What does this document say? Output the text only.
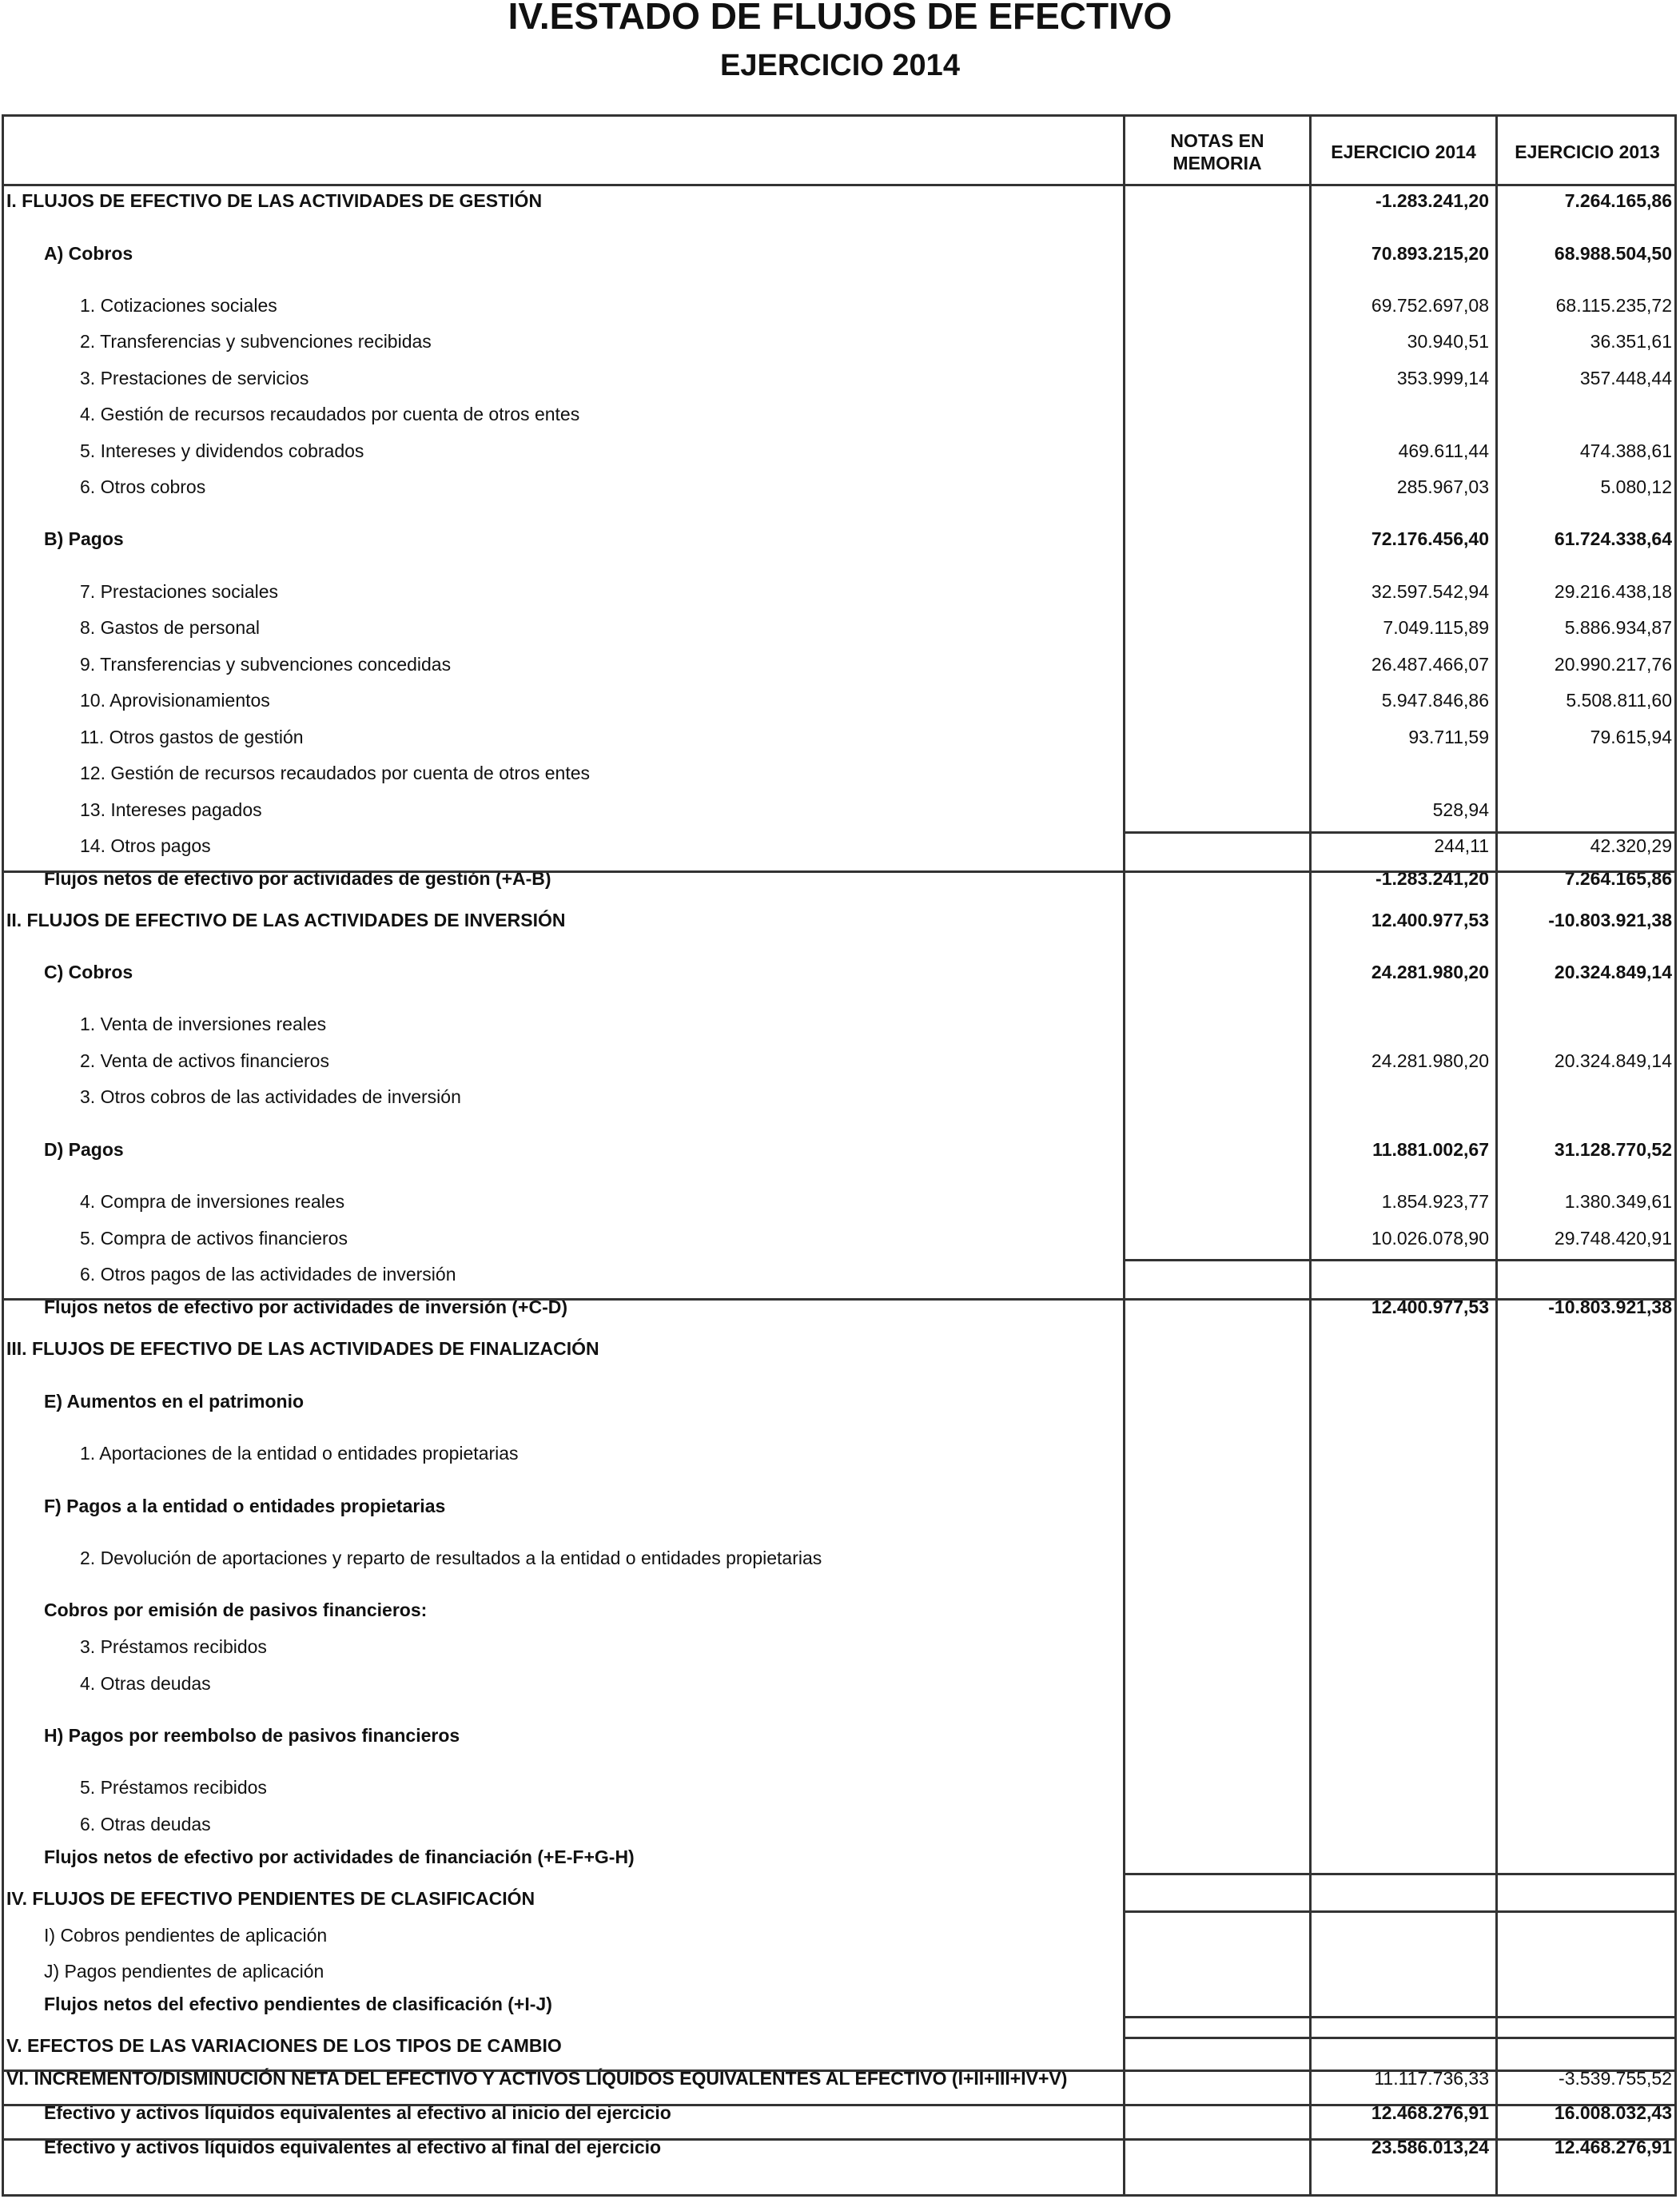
IV.ESTADO DE FLUJOS DE EFECTIVO
EJERCICIO 2014
NOTAS EN MEMORIA
EJERCICIO 2014	EJERCICIO 2013
I. FLUJOS DE EFECTIVO DE LAS ACTIVIDADES DE GESTIÓN	-1.283.241,20	7.264.165,86
A) Cobros	70.893.215,20	68.988.504,50
1. Cotizaciones sociales	69.752.697,08	68.115.235,72
2. Transferencias y subvenciones recibidas	30.940,51	36.351,61
3. Prestaciones de servicios	353.999,14	357.448,44
4. Gestión de recursos recaudados por cuenta de otros entes
5. Intereses y dividendos cobrados	469.611,44	474.388,61
6. Otros cobros	285.967,03	5.080,12
B) Pagos	72.176.456,40	61.724.338,64
7. Prestaciones sociales	32.597.542,94	29.216.438,18
8. Gastos de personal	7.049.115,89	5.886.934,87
9. Transferencias y subvenciones concedidas	26.487.466,07	20.990.217,76
10. Aprovisionamientos	5.947.846,86	5.508.811,60
11. Otros gastos de gestión	93.711,59	79.615,94
12. Gestión de recursos recaudados por cuenta de otros entes
13. Intereses pagados	528,94
14. Otros pagos	244,11	42.320,29
Flujos netos de efectivo por actividades de gestión (+A-B)	-1.283.241,20	7.264.165,86
II. FLUJOS DE EFECTIVO DE LAS ACTIVIDADES DE INVERSIÓN	12.400.977,53	-10.803.921,38
C) Cobros	24.281.980,20	20.324.849,14
1. Venta de inversiones reales
2. Venta de activos financieros	24.281.980,20	20.324.849,14
3. Otros cobros de las actividades de inversión
D) Pagos	11.881.002,67	31.128.770,52
4. Compra de inversiones reales	1.854.923,77	1.380.349,61
5. Compra de activos financieros	10.026.078,90	29.748.420,91
6. Otros pagos de las actividades de inversión
Flujos netos de efectivo por actividades de inversión (+C-D)	12.400.977,53	-10.803.921,38
III. FLUJOS DE EFECTIVO DE LAS ACTIVIDADES DE FINALIZACIÓN
E) Aumentos en el patrimonio
1. Aportaciones de la entidad o entidades propietarias
F) Pagos a la entidad o entidades propietarias
2. Devolución de aportaciones y reparto de resultados a la entidad o entidades propietarias
Cobros por emisión de pasivos financieros:
3. Préstamos recibidos
4. Otras deudas
H) Pagos por reembolso de pasivos financieros
5. Préstamos recibidos
6. Otras deudas
Flujos netos de efectivo por actividades de financiación (+E-F+G-H)
IV. FLUJOS DE EFECTIVO PENDIENTES DE CLASIFICACIÓN
I) Cobros pendientes de aplicación
J) Pagos pendientes de aplicación
Flujos netos del efectivo pendientes de clasificación (+I-J)
V. EFECTOS DE LAS VARIACIONES DE LOS TIPOS DE CAMBIO
VI. INCREMENTO/DISMINUCIÓN NETA DEL EFECTIVO Y ACTIVOS LÍQUIDOS EQUIVALENTES AL EFECTIVO (I+II+III+IV+V)	11.117.736,33	-3.539.755,52
Efectivo y activos líquidos equivalentes al efectivo al inicio del ejercicio	12.468.276,91	16.008.032,43
Efectivo y activos líquidos equivalentes al efectivo al final del ejercicio	23.586.013,24	12.468.276,91
